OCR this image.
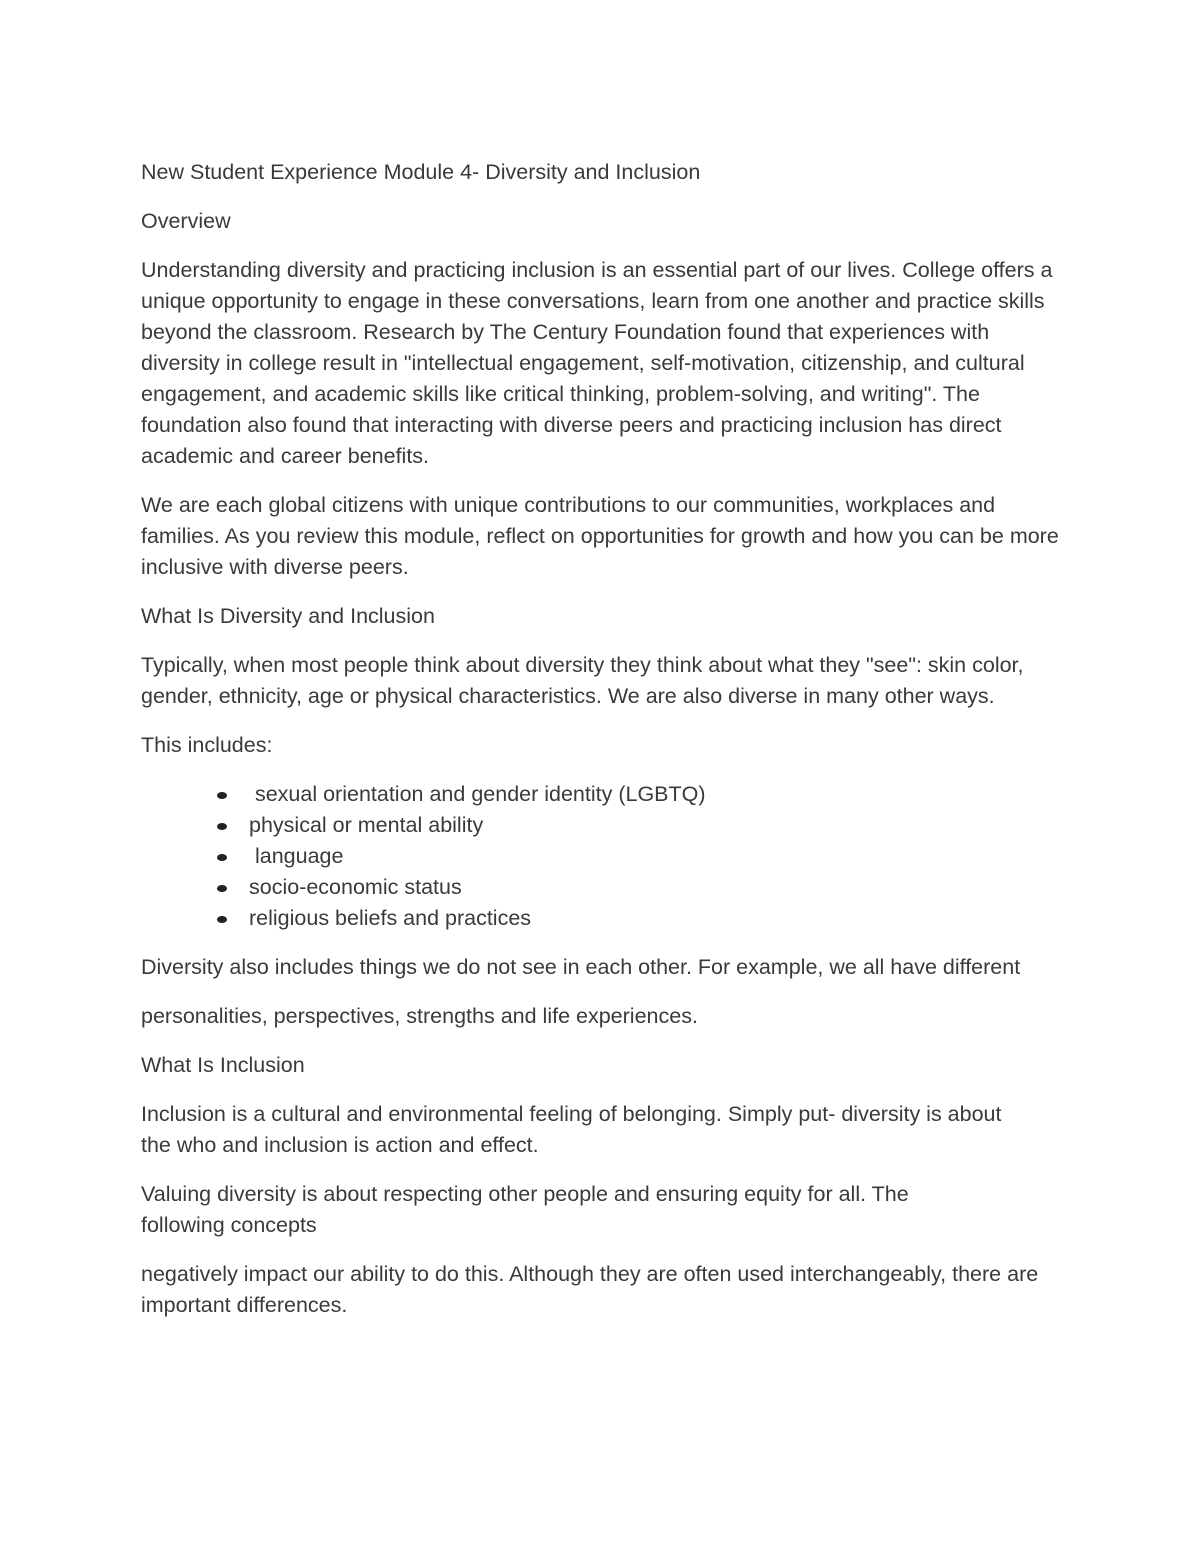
New Student Experience Module 4- Diversity and Inclusion

Overview

Understanding diversity and practicing inclusion is an essential part of our lives. College offers a unique opportunity to engage in these conversations, learn from one another and practice skills beyond the classroom. Research by The Century Foundation found that experiences with diversity in college result in "intellectual engagement, self-motivation, citizenship, and cultural engagement, and academic skills like critical thinking, problem-solving, and writing". The foundation also found that interacting with diverse peers and practicing inclusion has direct academic and career benefits.

We are each global citizens with unique contributions to our communities, workplaces and families. As you review this module, reflect on opportunities for growth and how you can be more inclusive with diverse peers.

What Is Diversity and Inclusion

Typically, when most people think about diversity they think about what they "see": skin color, gender, ethnicity, age or physical characteristics. We are also diverse in many other ways.

This includes:

sexual orientation and gender identity (LGBTQ)
physical or mental ability
language
socio-economic status
religious beliefs and practices

Diversity also includes things we do not see in each other. For example, we all have different

personalities, perspectives, strengths and life experiences.

What Is Inclusion

Inclusion is a cultural and environmental feeling of belonging. Simply put- diversity is about the who and inclusion is action and effect.

Valuing diversity is about respecting other people and ensuring equity for all. The following concepts

negatively impact our ability to do this. Although they are often used interchangeably, there are important differences.
